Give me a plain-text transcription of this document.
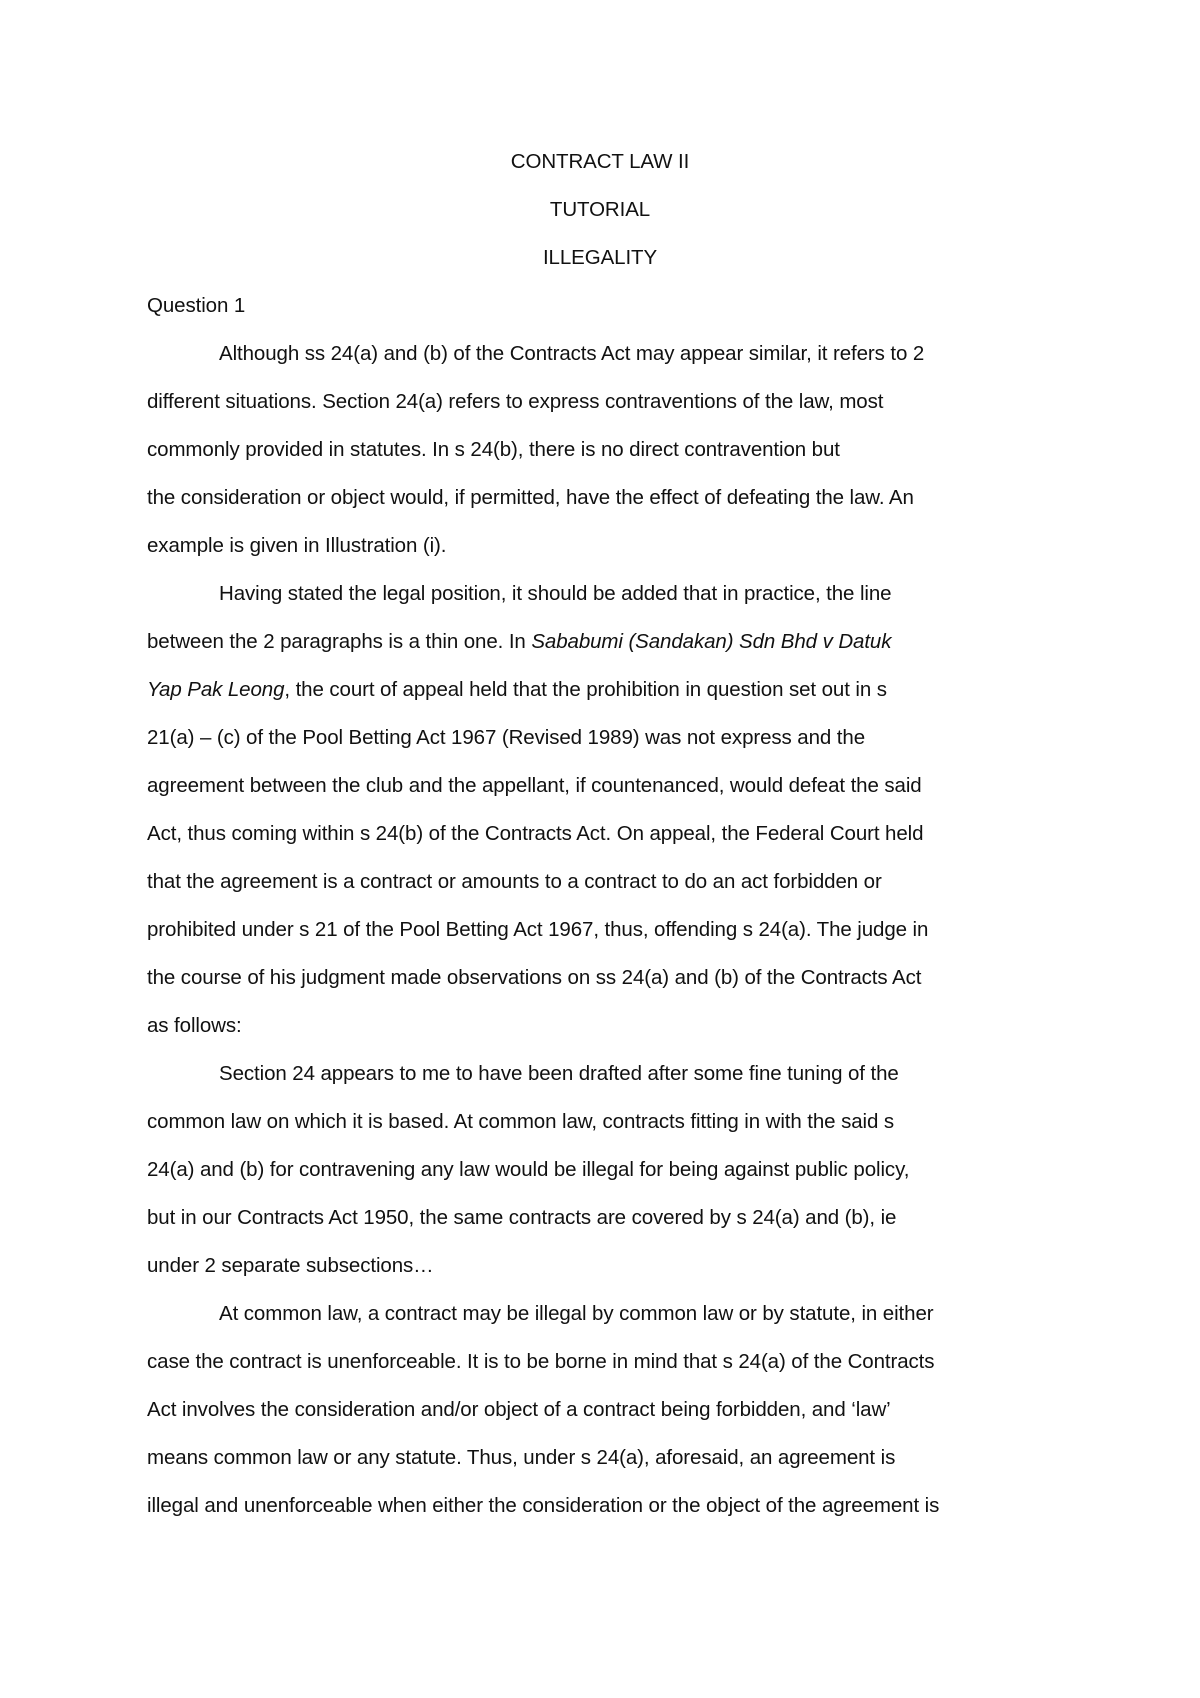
CONTRACT LAW II
TUTORIAL
ILLEGALITY
Question 1
Although ss 24(a) and (b) of the Contracts Act may appear similar, it refers to 2
different situations. Section 24(a) refers to express contraventions of the law, most
commonly provided in statutes. In s 24(b), there is no direct contravention but
the consideration or object would, if permitted, have the effect of defeating the law. An
example is given in Illustration (i).
Having stated the legal position, it should be added that in practice, the line
between the 2 paragraphs is a thin one. In Sababumi (Sandakan) Sdn Bhd v Datuk
Yap Pak Leong, the court of appeal held that the prohibition in question set out in s
21(a) – (c) of the Pool Betting Act 1967 (Revised 1989) was not express and the
agreement between the club and the appellant, if countenanced, would defeat the said
Act, thus coming within s 24(b) of the Contracts Act. On appeal, the Federal Court held
that the agreement is a contract or amounts to a contract to do an act forbidden or
prohibited under s 21 of the Pool Betting Act 1967, thus, offending s 24(a). The judge in
the course of his judgment made observations on ss 24(a) and (b) of the Contracts Act
as follows:
Section 24 appears to me to have been drafted after some fine tuning of the
common law on which it is based. At common law, contracts fitting in with the said s
24(a) and (b) for contravening any law would be illegal for being against public policy,
but in our Contracts Act 1950, the same contracts are covered by s 24(a) and (b), ie
under 2 separate subsections…
At common law, a contract may be illegal by common law or by statute, in either
case the contract is unenforceable. It is to be borne in mind that s 24(a) of the Contracts
Act involves the consideration and/or object of a contract being forbidden, and ‘law’
means common law or any statute. Thus, under s 24(a), aforesaid, an agreement is
illegal and unenforceable when either the consideration or the object of the agreement is
